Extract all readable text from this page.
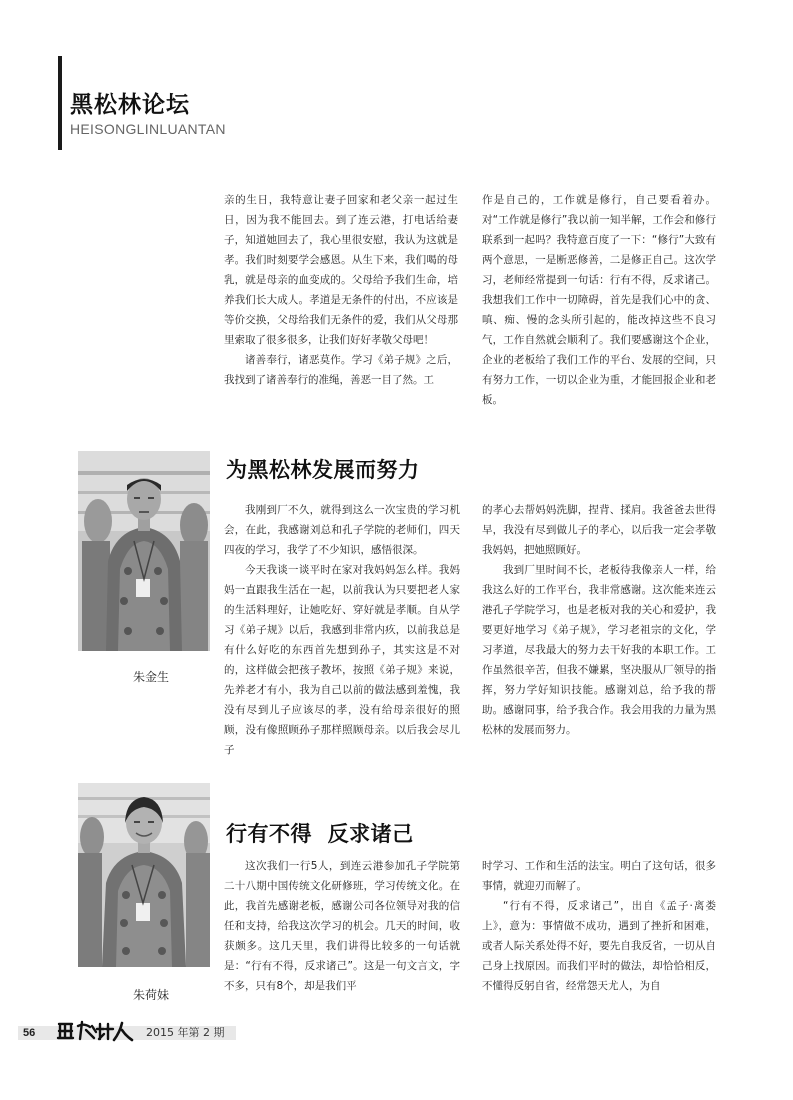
黑松林论坛
HEISONGLINLUANTAN

亲的生日，我特意让妻子回家和老父亲一起过生日，因为我不能回去。到了连云港，打电话给妻子，知道她回去了，我心里很安慰，我认为这就是孝。我们时刻要学会感恩。从生下来，我们喝的母乳，就是母亲的血变成的。父母给予我们生命，培养我们长大成人。孝道是无条件的付出，不应该是等价交换，父母给我们无条件的爱，我们从父母那里索取了很多很多，让我们好好孝敬父母吧！

诸善奉行，诸恶莫作。学习《弟子规》之后，我找到了诸善奉行的准绳，善恶一目了然。工

作是自己的，工作就是修行，自己要看着办。对“工作就是修行”我以前一知半解，工作会和修行联系到一起吗？我特意百度了一下：“修行”大致有两个意思，一是断恶修善，二是修正自己。这次学习，老师经常提到一句话：行有不得，反求诸己。我想我们工作中一切障碍，首先是我们心中的贪、嗔、痴、慢的念头所引起的，能改掉这些不良习气，工作自然就会顺利了。我们要感谢这个企业，企业的老板给了我们工作的平台、发展的空间，只有努力工作，一切以企业为重，才能回报企业和老板。

朱金生
为黑松林发展而努力

我刚到厂不久，就得到这么一次宝贵的学习机会，在此，我感谢刘总和孔子学院的老师们，四天四夜的学习，我学了不少知识，感悟很深。

今天我谈一谈平时在家对我妈妈怎么样。我妈妈一直跟我生活在一起，以前我认为只要把老人家的生活料理好，让她吃好、穿好就是孝顺。自从学习《弟子规》以后，我感到非常内疚，以前我总是有什么好吃的东西首先想到孙子，其实这是不对的，这样做会把孩子教坏，按照《弟子规》来说，先养老才有小，我为自己以前的做法感到羞愧，我没有尽到儿子应该尽的孝，没有给母亲很好的照顾，没有像照顾孙子那样照顾母亲。以后我会尽儿子

的孝心去帮妈妈洗脚，捏背、揉肩。我爸爸去世得早，我没有尽到做儿子的孝心，以后我一定会孝敬我妈妈，把她照顾好。

我到厂里时间不长，老板待我像亲人一样，给我这么好的工作平台，我非常感谢。这次能来连云港孔子学院学习，也是老板对我的关心和爱护，我要更好地学习《弟子规》，学习老祖宗的文化，学习孝道，尽我最大的努力去干好我的本职工作。工作虽然很辛苦，但我不嫌累，坚决服从厂领导的指挥，努力学好知识技能。感谢刘总，给予我的帮助。感谢同事，给予我合作。我会用我的力量为黑松林的发展而努力。

朱荷妹
行有不得  反求诸己

这次我们一行5人，到连云港参加孔子学院第二十八期中国传统文化研修班，学习传统文化。在此，我首先感谢老板，感谢公司各位领导对我的信任和支持，给我这次学习的机会。几天的时间，收获颇多。这几天里，我们讲得比较多的一句话就是：“行有不得，反求诸己”。这是一句文言文，字不多，只有8个，却是我们平

时学习、工作和生活的法宝。明白了这句话，很多事情，就迎刃而解了。

“行有不得，反求诸己”，出自《孟子·离娄上》，意为：事情做不成功，遇到了挫折和困难，或者人际关系处得不好，要先自我反省，一切从自己身上找原因。而我们平时的做法，却恰恰相反，不懂得反躬自省，经常怨天尤人，为自

56	2015 年第 2 期
